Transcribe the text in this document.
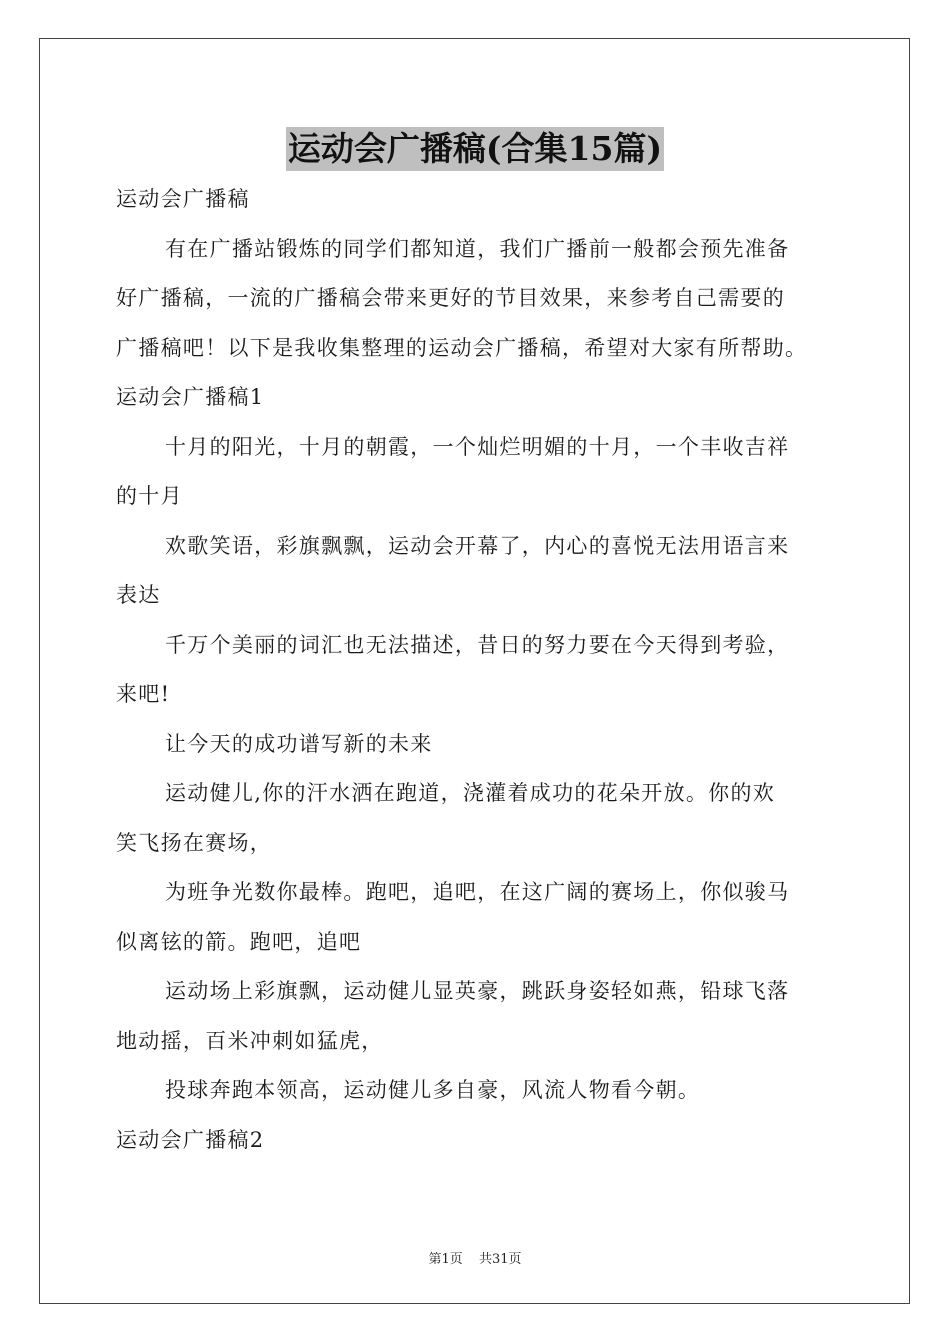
运动会广播稿(合集15篇)
运动会广播稿
有在广播站锻炼的同学们都知道，我们广播前一般都会预先准备
好广播稿，一流的广播稿会带来更好的节目效果，来参考自己需要的
广播稿吧！以下是我收集整理的运动会广播稿，希望对大家有所帮助。
运动会广播稿1
十月的阳光，十月的朝霞，一个灿烂明媚的十月，一个丰收吉祥
的十月
欢歌笑语，彩旗飘飘，运动会开幕了，内心的喜悦无法用语言来
表达
千万个美丽的词汇也无法描述，昔日的努力要在今天得到考验，
来吧!
让今天的成功谱写新的未来
运动健儿,你的汗水洒在跑道，浇灌着成功的花朵开放。你的欢
笑飞扬在赛场，
为班争光数你最棒。跑吧，追吧，在这广阔的赛场上，你似骏马
似离铉的箭。跑吧，追吧
运动场上彩旗飘，运动健儿显英豪，跳跃身姿轻如燕，铅球飞落
地动摇，百米冲刺如猛虎，
投球奔跑本领高，运动健儿多自豪，风流人物看今朝。
运动会广播稿2
第1页 共31页
